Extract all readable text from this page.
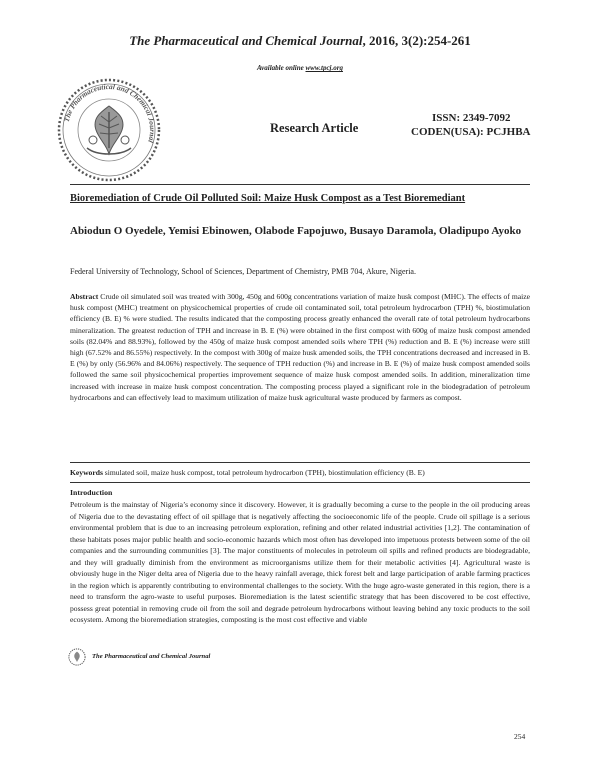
The Pharmaceutical and Chemical Journal, 2016, 3(2):254-261
Available online www.tpcj.org
The Pharmaceutical and Chemical Journal
Research Article
ISSN: 2349-7092
CODEN(USA): PCJHBA
Bioremediation of Crude Oil Polluted Soil: Maize Husk Compost as a Test Bioremediant
Abiodun O Oyedele, Yemisi Ebinowen, Olabode Fapojuwo, Busayo Daramola, Oladipupo Ayoko
Federal University of Technology, School of Sciences, Department of Chemistry, PMB 704, Akure, Nigeria.
Abstract Crude oil simulated soil was treated with 300g, 450g and 600g concentrations variation of maize husk compost (MHC). The effects of maize husk compost (MHC) treatment on physicochemical properties of crude oil contaminated soil, total petroleum hydrocarbon (TPH) %, biostimulation efficiency (B. E) % were studied. The results indicated that the composting process greatly enhanced the overall rate of total petroleum hydrocarbons mineralization. The greatest reduction of TPH and increase in B. E (%) were obtained in the first compost with 600g of maize husk compost amended soils (82.04% and 88.93%), followed by the 450g of maize husk compost amended soils where TPH (%) reduction and B. E (%) increase were still high (67.52% and 86.55%) respectively. In the compost with 300g of maize husk amended soils, the TPH concentrations decreased and increased in B. E (%) by only (56.96% and 84.06%) respectively. The sequence of TPH reduction (%) and increase in B. E (%) of maize husk compost amended soils followed the same soil physicochemical properties improvement sequence of maize husk compost amended soils. In addition, mineralization time increased with increase in maize husk compost concentration. The composting process played a significant role in the biodegradation of petroleum hydrocarbons and can effectively lead to maximum utilization of maize husk agricultural waste produced by farmers as compost.
Keywords simulated soil, maize husk compost, total petroleum hydrocarbon (TPH), biostimulation efficiency (B. E)
Introduction
Petroleum is the mainstay of Nigeria’s economy since it discovery. However, it is gradually becoming a curse to the people in the oil producing areas of Nigeria due to the devastating effect of oil spillage that is negatively affecting the socioeconomic life of the people. Crude oil spillage is a serious environmental problem that is due to an increasing petroleum exploration, refining and other related industrial activities [1,2]. The contamination of these habitats poses major public health and socio-economic hazards which most often has developed into impetuous protests between some of the oil companies and the surrounding communities [3]. The major constituents of molecules in petroleum oil spills and refined products are biodegradable, and they will gradually diminish from the environment as microorganisms utilize them for their metabolic activities [4]. Agricultural waste is obviously huge in the Niger delta area of Nigeria due to the heavy rainfall average, thick forest belt and large participation of arable farming practices in the region which is apparently contributing to environmental challenges to the society. With the huge agro-waste generated in this region, there is a need to transform the agro-waste to useful purposes. Bioremediation is the latest scientific strategy that has been discovered to be cost effective, possess great potential in removing crude oil from the soil and degrade petroleum hydrocarbons without leaving behind any toxic products to the soil ecosystem. Among the bioremediation strategies, composting is the most cost effective and viable
The Pharmaceutical and Chemical Journal
254
